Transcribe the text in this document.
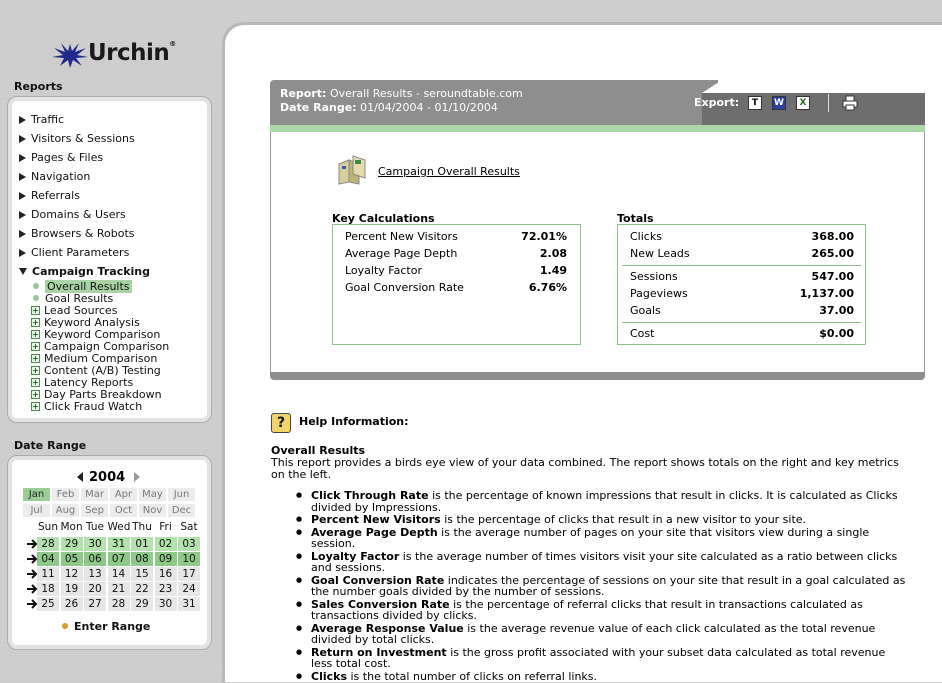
Urchin®
Reports
Date Range
2004
Jan	Feb	Mar	Apr	May	Jun
Jul	Aug Sep	Oct	Nov Dec
Sun Mon Tue Wed Thu Fri Sat
28 29 30 31 01 02 03
04 05 06 07 08 09 10
11 12 13 14 15 16 17
18 19 20 21 22 23 24
25 26 27 28 29 30 31
Enter Range
Report: Overall Results - seroundtable.com
Date Range: 01/04/2004 - 01/10/2004	Export:	T	W	X
Campaign Overall Results
Key Calculations
Percent New Visitors	72.01%
Average Page Depth	2.08
Loyalty Factor	1.49
Goal Conversion Rate	6.76%
Totals
Clicks	368.00
New Leads	265.00
Sessions	547.00
Pageviews	1,137.00
Goals	37.00
Cost	$0.00
?	Help Information:
Overall Results
This report provides a birds eye view of your data combined. The report shows totals on the right and key metrics on the left.
● Click Through Rate is the percentage of known impressions that result in clicks. It is calculated as Clicks divided by Impressions.
● Percent New Visitors is the percentage of clicks that result in a new visitor to your site.
● Average Page Depth is the average number of pages on your site that visitors view during a single session.
● Loyalty Factor is the average number of times visitors visit your site calculated as a ratio between clicks and sessions.
● Goal Conversion Rate indicates the percentage of sessions on your site that result in a goal calculated as the number goals divided by the number of sessions.
● Sales Conversion Rate is the percentage of referral clicks that result in transactions calculated as transactions divided by clicks.
● Average Response Value is the average revenue value of each click calculated as the total revenue divided by total clicks.
● Return on Investment is the gross profit associated with your subset data calculated as total revenue less total cost.
● Clicks is the total number of clicks on referral links.
Traffic
Visitors & Sessions
Pages & Files
Navigation
Referrals
Domains & Users
Browsers & Robots
Client Parameters
Campaign Tracking
Overall Results
Goal Results
Lead Sources
Keyword Analysis
Keyword Comparison
Campaign Comparison
Medium Comparison
Content (A/B) Testing
Latency Reports
Day Parts Breakdown
Click Fraud Watch
